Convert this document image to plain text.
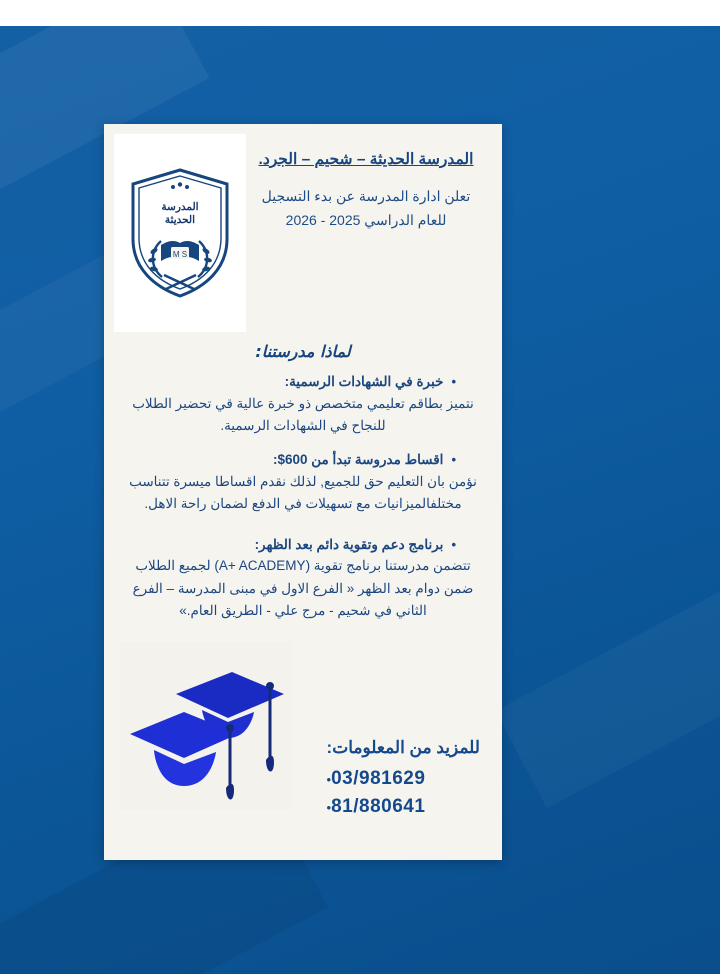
المدرسة الحديثة – شحيم – الجرد.

تعلن ادارة المدرسة عن بدء التسجيل

للعام الدراسي 2025 - 2026

M S
المدرسة
الحديثة
لماذا مدرستنا:
•
خبرة في الشهادات الرسمية:

نتميز بطاقم تعليمي متخصص ذو خبرة عالية قي تحضير الطلاب للنجاح في الشهادات الرسمية.

•
اقساط مدروسة تبدأ من 600$:

نؤمن بان التعليم حق للجميع, لذلك نقدم اقساطا ميسرة تتناسب مختلفالميزانيات مع تسهيلات في الدفع لضمان راحة الاهل.

•
برنامج دعم وتقوية دائم بعد الظهر:

تتضمن مدرستنا برنامج تقوية (A+ ACADEMY) لجميع الطلاب ضمن دوام بعد الظهر « الفرع الاول في مبنى المدرسة – الفرع الثاني في شحيم - مرج علي - الطريق العام.»

للمزيد من المعلومات:
03/981629
•
81/880641
•
